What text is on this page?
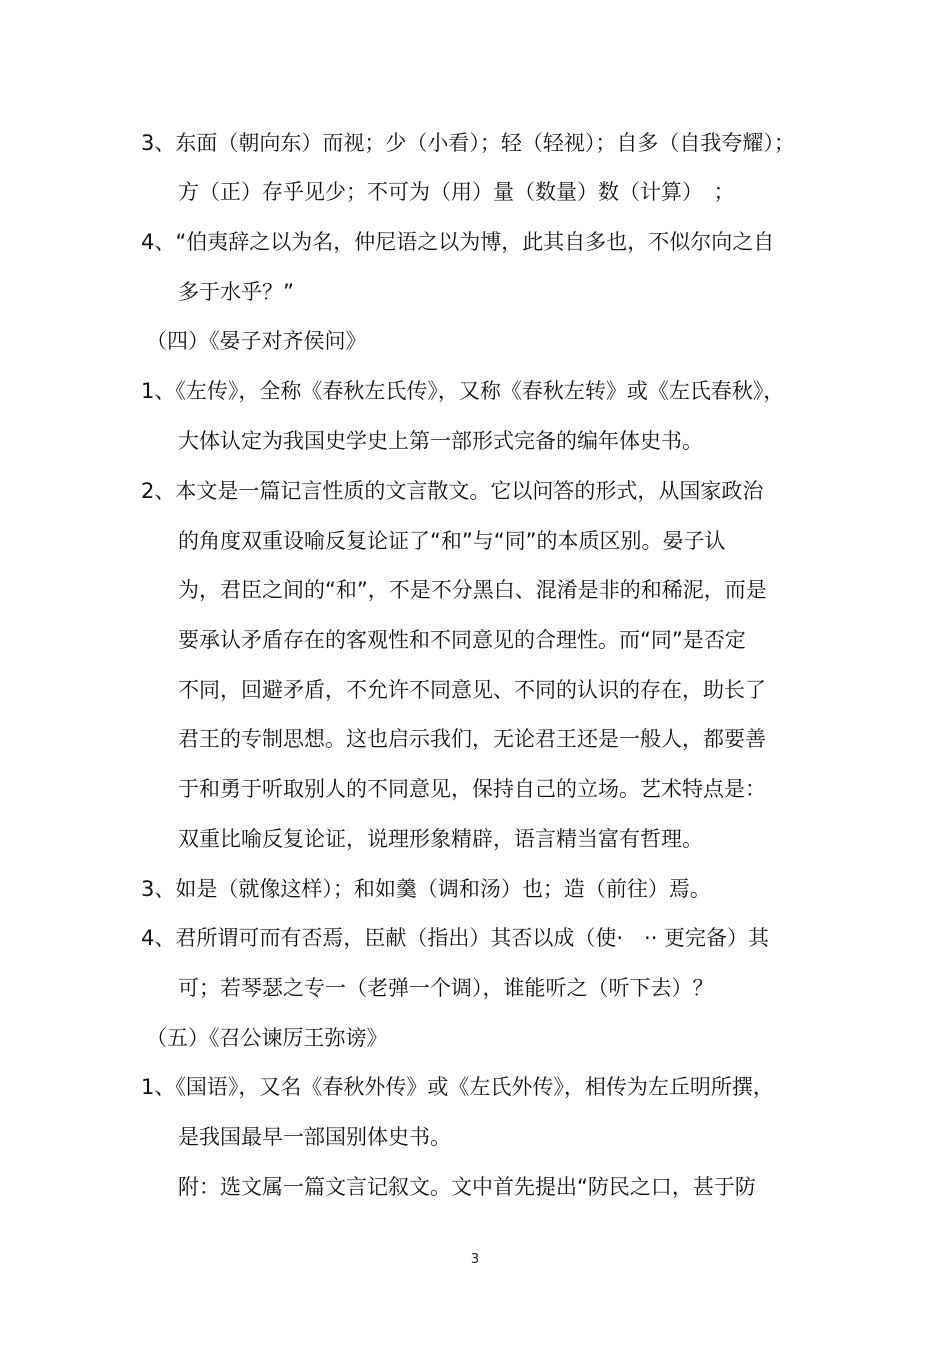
3、东面（朝向东）而视；少（小看）；轻（轻视）；自多（自我夸耀）；
方（正）存乎见少；不可为（用）量（数量）数（计算）　；
4、“伯夷辞之以为名，仲尼语之以为博，此其自多也，不似尔向之自
多于水乎？”
（四）《晏子对齐侯问》
1、《左传》，全称《春秋左氏传》，又称《春秋左转》或《左氏春秋》，
大体认定为我国史学史上第一部形式完备的编年体史书。
2、本文是一篇记言性质的文言散文。它以问答的形式，从国家政治
的角度双重设喻反复论证了“和”与“同”的本质区别。晏子认
为，君臣之间的“和”，不是不分黑白、混淆是非的和稀泥，而是
要承认矛盾存在的客观性和不同意见的合理性。而“同”是否定
不同，回避矛盾，不允许不同意见、不同的认识的存在，助长了
君王的专制思想。这也启示我们，无论君王还是一般人，都要善
于和勇于听取别人的不同意见，保持自己的立场。艺术特点是：
双重比喻反复论证，说理形象精辟，语言精当富有哲理。
3、如是（就像这样）；和如羹（调和汤）也；造（前往）焉。
4、君所谓可而有否焉，臣献（指出）其否以成（使·　·· 更完备）其
可；若琴瑟之专一（老弹一个调），谁能听之（听下去）？
（五）《召公谏厉王弥谤》
1、《国语》，又名《春秋外传》或《左氏外传》，相传为左丘明所撰，
是我国最早一部国别体史书。
附：选文属一篇文言记叙文。文中首先提出“防民之口，甚于防
3
